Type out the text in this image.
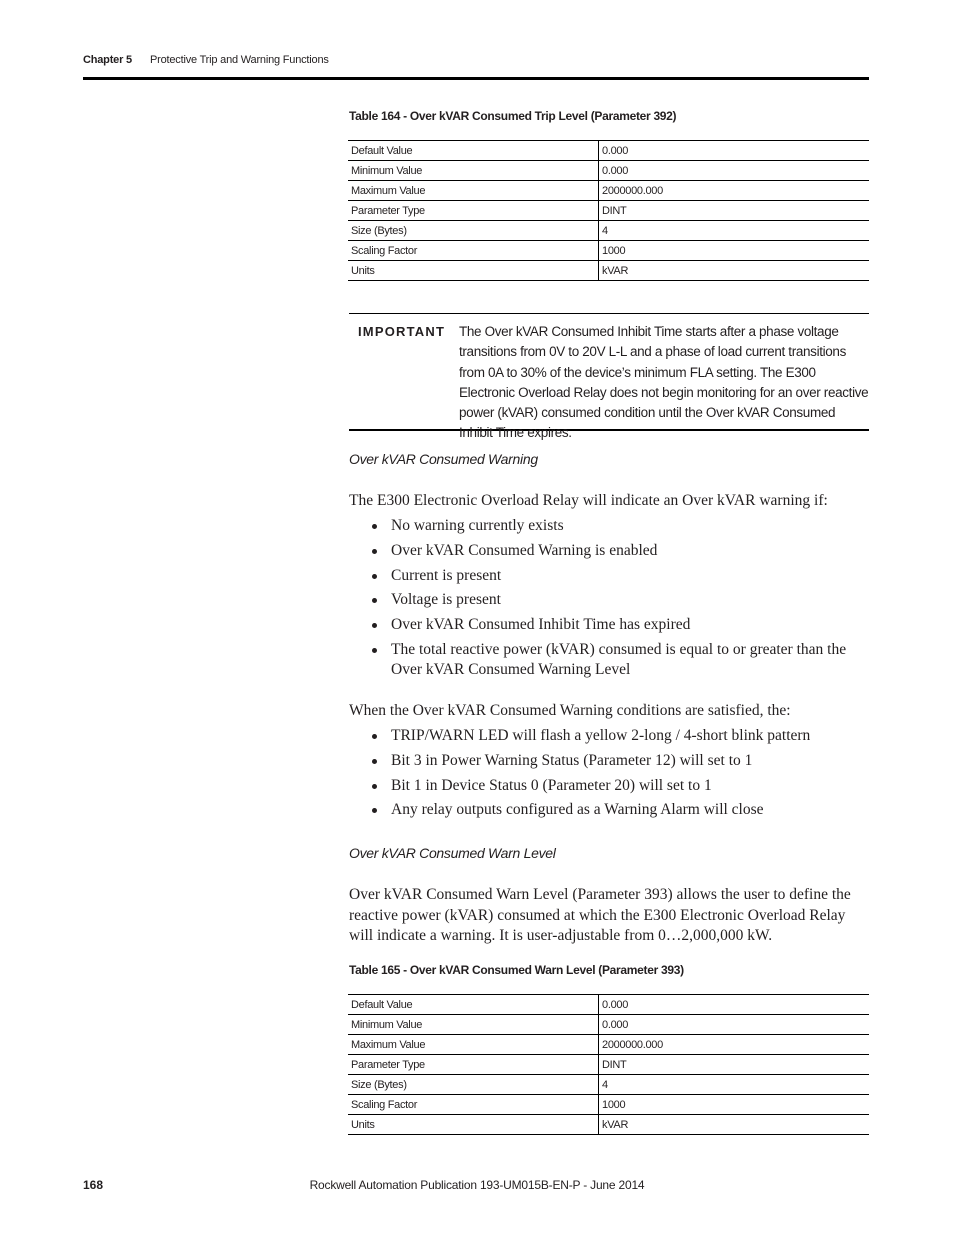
Chapter 5 Protective Trip and Warning Functions
Table 164 - Over kVAR Consumed Trip Level (Parameter 392)
Default Value	0.000
Minimum Value	0.000
Maximum Value	2000000.000
Parameter Type	DINT
Size (Bytes)	4
Scaling Factor	1000
Units	kVAR
IMPORTANT The Over kVAR Consumed Inhibit Time starts after a phase voltage transitions from 0V to 20V L-L and a phase of load current transitions from 0A to 30% of the device’s minimum FLA setting. The E300 Electronic Overload Relay does not begin monitoring for an over reactive power (kVAR) consumed condition until the Over kVAR Consumed Inhibit Time expires.
Over kVAR Consumed Warning
The E300 Electronic Overload Relay will indicate an Over kVAR warning if:
No warning currently exists
Over kVAR Consumed Warning is enabled
Current is present
Voltage is present
Over kVAR Consumed Inhibit Time has expired
The total reactive power (kVAR) consumed is equal to or greater than the Over kVAR Consumed Warning Level
When the Over kVAR Consumed Warning conditions are satisfied, the:
TRIP/WARN LED will flash a yellow 2-long / 4-short blink pattern
Bit 3 in Power Warning Status (Parameter 12) will set to 1
Bit 1 in Device Status 0 (Parameter 20) will set to 1
Any relay outputs configured as a Warning Alarm will close
Over kVAR Consumed Warn Level
Over kVAR Consumed Warn Level (Parameter 393) allows the user to define the reactive power (kVAR) consumed at which the E300 Electronic Overload Relay will indicate a warning. It is user-adjustable from 0…2,000,000 kW.
Table 165 - Over kVAR Consumed Warn Level (Parameter 393)
Default Value	0.000
Minimum Value	0.000
Maximum Value	2000000.000
Parameter Type	DINT
Size (Bytes)	4
Scaling Factor	1000
Units	kVAR
Rockwell Automation Publication 193-UM015B-EN-P - June 2014
168
